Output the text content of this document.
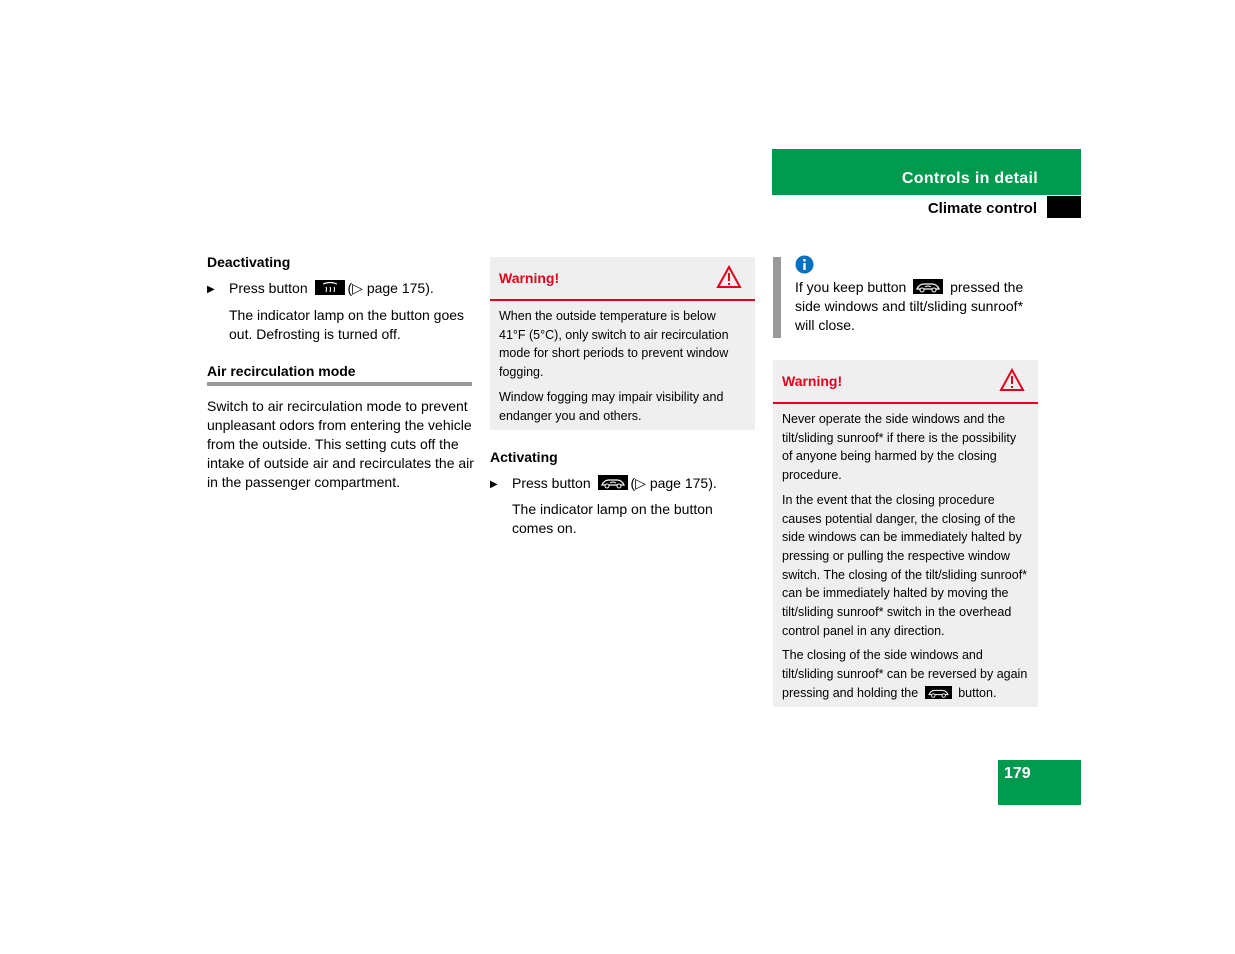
Controls in detail
Climate control
Deactivating
▶ Press button	(▷ page 175).
The indicator lamp on the button goes out. Defrosting is turned off.
Air recirculation mode
Switch to air recirculation mode to prevent unpleasant odors from entering the vehicle from the outside. This setting cuts off the intake of outside air and recirculates the air in the passenger compartment.
Warning!

When the outside temperature is below 41°F (5°C), only switch to air recirculation mode for short periods to prevent window fogging.

Window fogging may impair visibility and endanger you and others.

Activating
▶ Press button	(▷ page 175).
The indicator lamp on the button comes on.
If you keep button	pressed the side windows and tilt/sliding sunroof* will close.
Warning!

Never operate the side windows and the tilt/sliding sunroof* if there is the possibility of anyone being harmed by the closing procedure.

In the event that the closing procedure causes potential danger, the closing of the side windows can be immediately halted by pressing or pulling the respective window switch. The closing of the tilt/sliding sunroof* can be immediately halted by moving the tilt/sliding sunroof* switch in the overhead control panel in any direction.

The closing of the side windows and tilt/sliding sunroof* can be reversed by again pressing and holding the	button.

179
